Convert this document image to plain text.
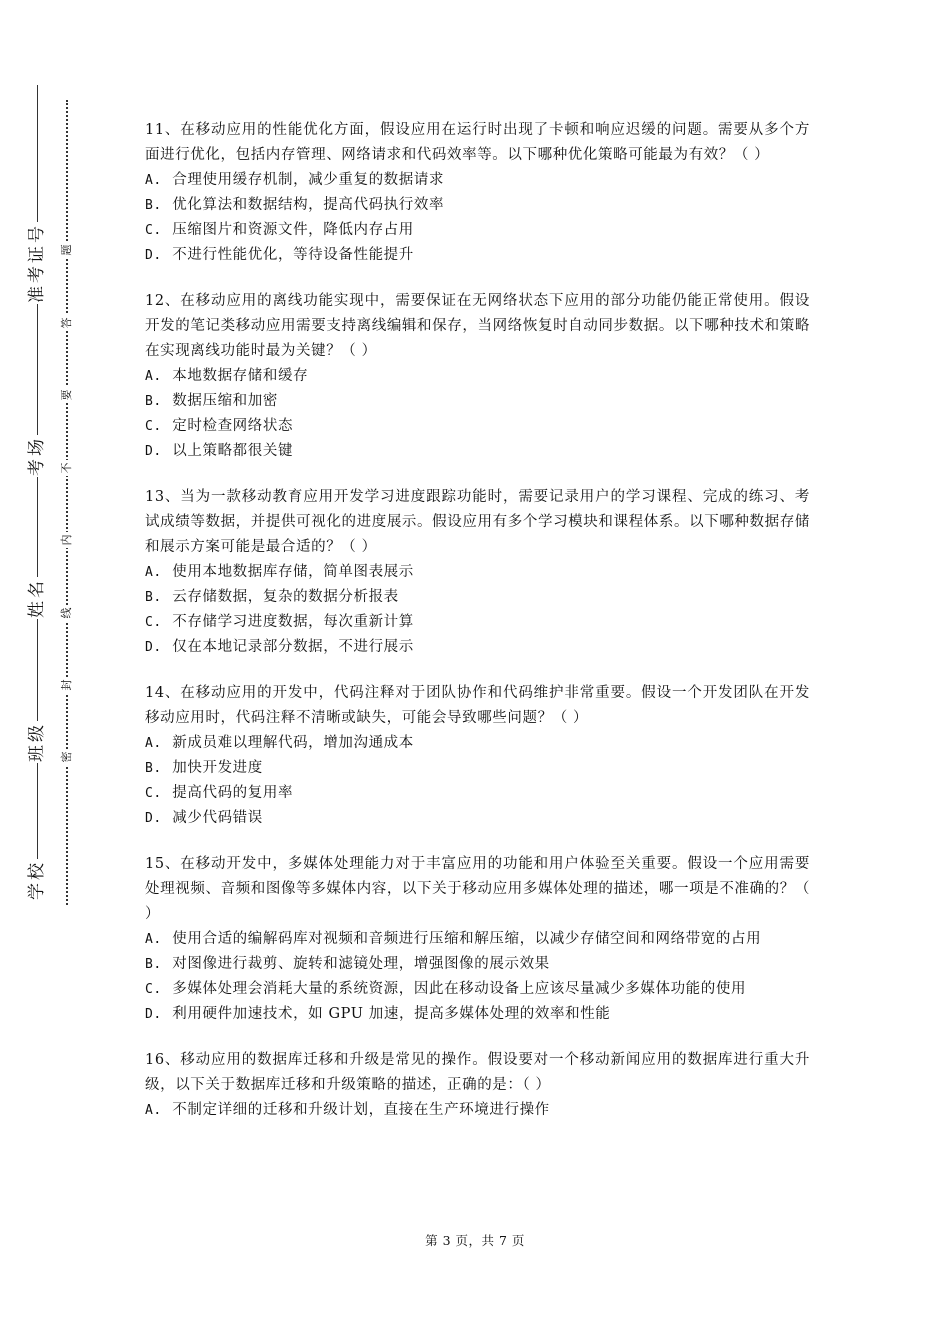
准考证号
考场
姓名
班级
学校
题
答
要
不
内
线
封
密

11、在移动应用的性能优化方面，假设应用在运行时出现了卡顿和响应迟缓的问题。需要从多个方面进行优化，包括内存管理、网络请求和代码效率等。以下哪种优化策略可能最为有效？（ ）

A. 合理使用缓存机制，减少重复的数据请求
B. 优化算法和数据结构，提高代码执行效率
C. 压缩图片和资源文件，降低内存占用
D. 不进行性能优化，等待设备性能提升

12、在移动应用的离线功能实现中，需要保证在无网络状态下应用的部分功能仍能正常使用。假设开发的笔记类移动应用需要支持离线编辑和保存，当网络恢复时自动同步数据。以下哪种技术和策略在实现离线功能时最为关键？（ ）

A. 本地数据存储和缓存
B. 数据压缩和加密
C. 定时检查网络状态
D. 以上策略都很关键

13、当为一款移动教育应用开发学习进度跟踪功能时，需要记录用户的学习课程、完成的练习、考试成绩等数据，并提供可视化的进度展示。假设应用有多个学习模块和课程体系。以下哪种数据存储和展示方案可能是最合适的？（ ）

A. 使用本地数据库存储，简单图表展示
B. 云存储数据，复杂的数据分析报表
C. 不存储学习进度数据，每次重新计算
D. 仅在本地记录部分数据，不进行展示

14、在移动应用的开发中，代码注释对于团队协作和代码维护非常重要。假设一个开发团队在开发移动应用时，代码注释不清晰或缺失，可能会导致哪些问题？（ ）

A. 新成员难以理解代码，增加沟通成本
B. 加快开发进度
C. 提高代码的复用率
D. 减少代码错误

15、在移动开发中，多媒体处理能力对于丰富应用的功能和用户体验至关重要。假设一个应用需要处理视频、音频和图像等多媒体内容，以下关于移动应用多媒体处理的描述，哪一项是不准确的？（ ）

A. 使用合适的编解码库对视频和音频进行压缩和解压缩，以减少存储空间和网络带宽的占用
B. 对图像进行裁剪、旋转和滤镜处理，增强图像的展示效果
C. 多媒体处理会消耗大量的系统资源，因此在移动设备上应该尽量减少多媒体功能的使用
D. 利用硬件加速技术，如 GPU 加速，提高多媒体处理的效率和性能

16、移动应用的数据库迁移和升级是常见的操作。假设要对一个移动新闻应用的数据库进行重大升级，以下关于数据库迁移和升级策略的描述，正确的是：（ ）

A. 不制定详细的迁移和升级计划，直接在生产环境进行操作
第 3 页，共 7 页
